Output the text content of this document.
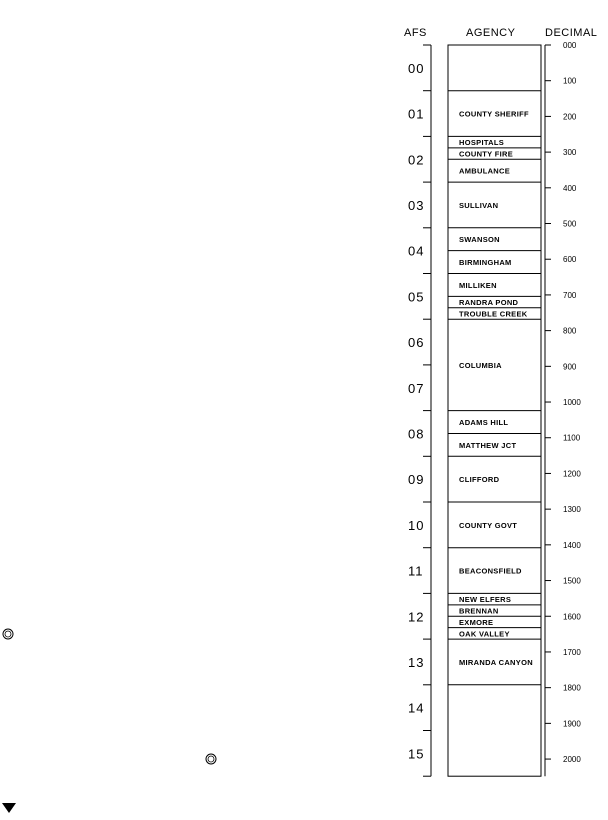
AFS	AGENCY	DECIMAL
00
01
02
03
04
05
06
07
08
09
10
11
12
13
14
15
COUNTY SHERIFF
HOSPITALS
COUNTY FIRE
AMBULANCE
SULLIVAN
SWANSON
BIRMINGHAM
MILLIKEN
RANDRA POND
TROUBLE CREEK
COLUMBIA
ADAMS HILL
MATTHEW JCT
CLIFFORD
COUNTY GOVT
BEACONSFIELD
NEW ELFERS
BRENNAN
EXMORE
OAK VALLEY
MIRANDA CANYON
000
100
200
300
400
500
600
700
800
900
1000
1100
1200
1300
1400
1500
1600
1700
1800
1900
2000
